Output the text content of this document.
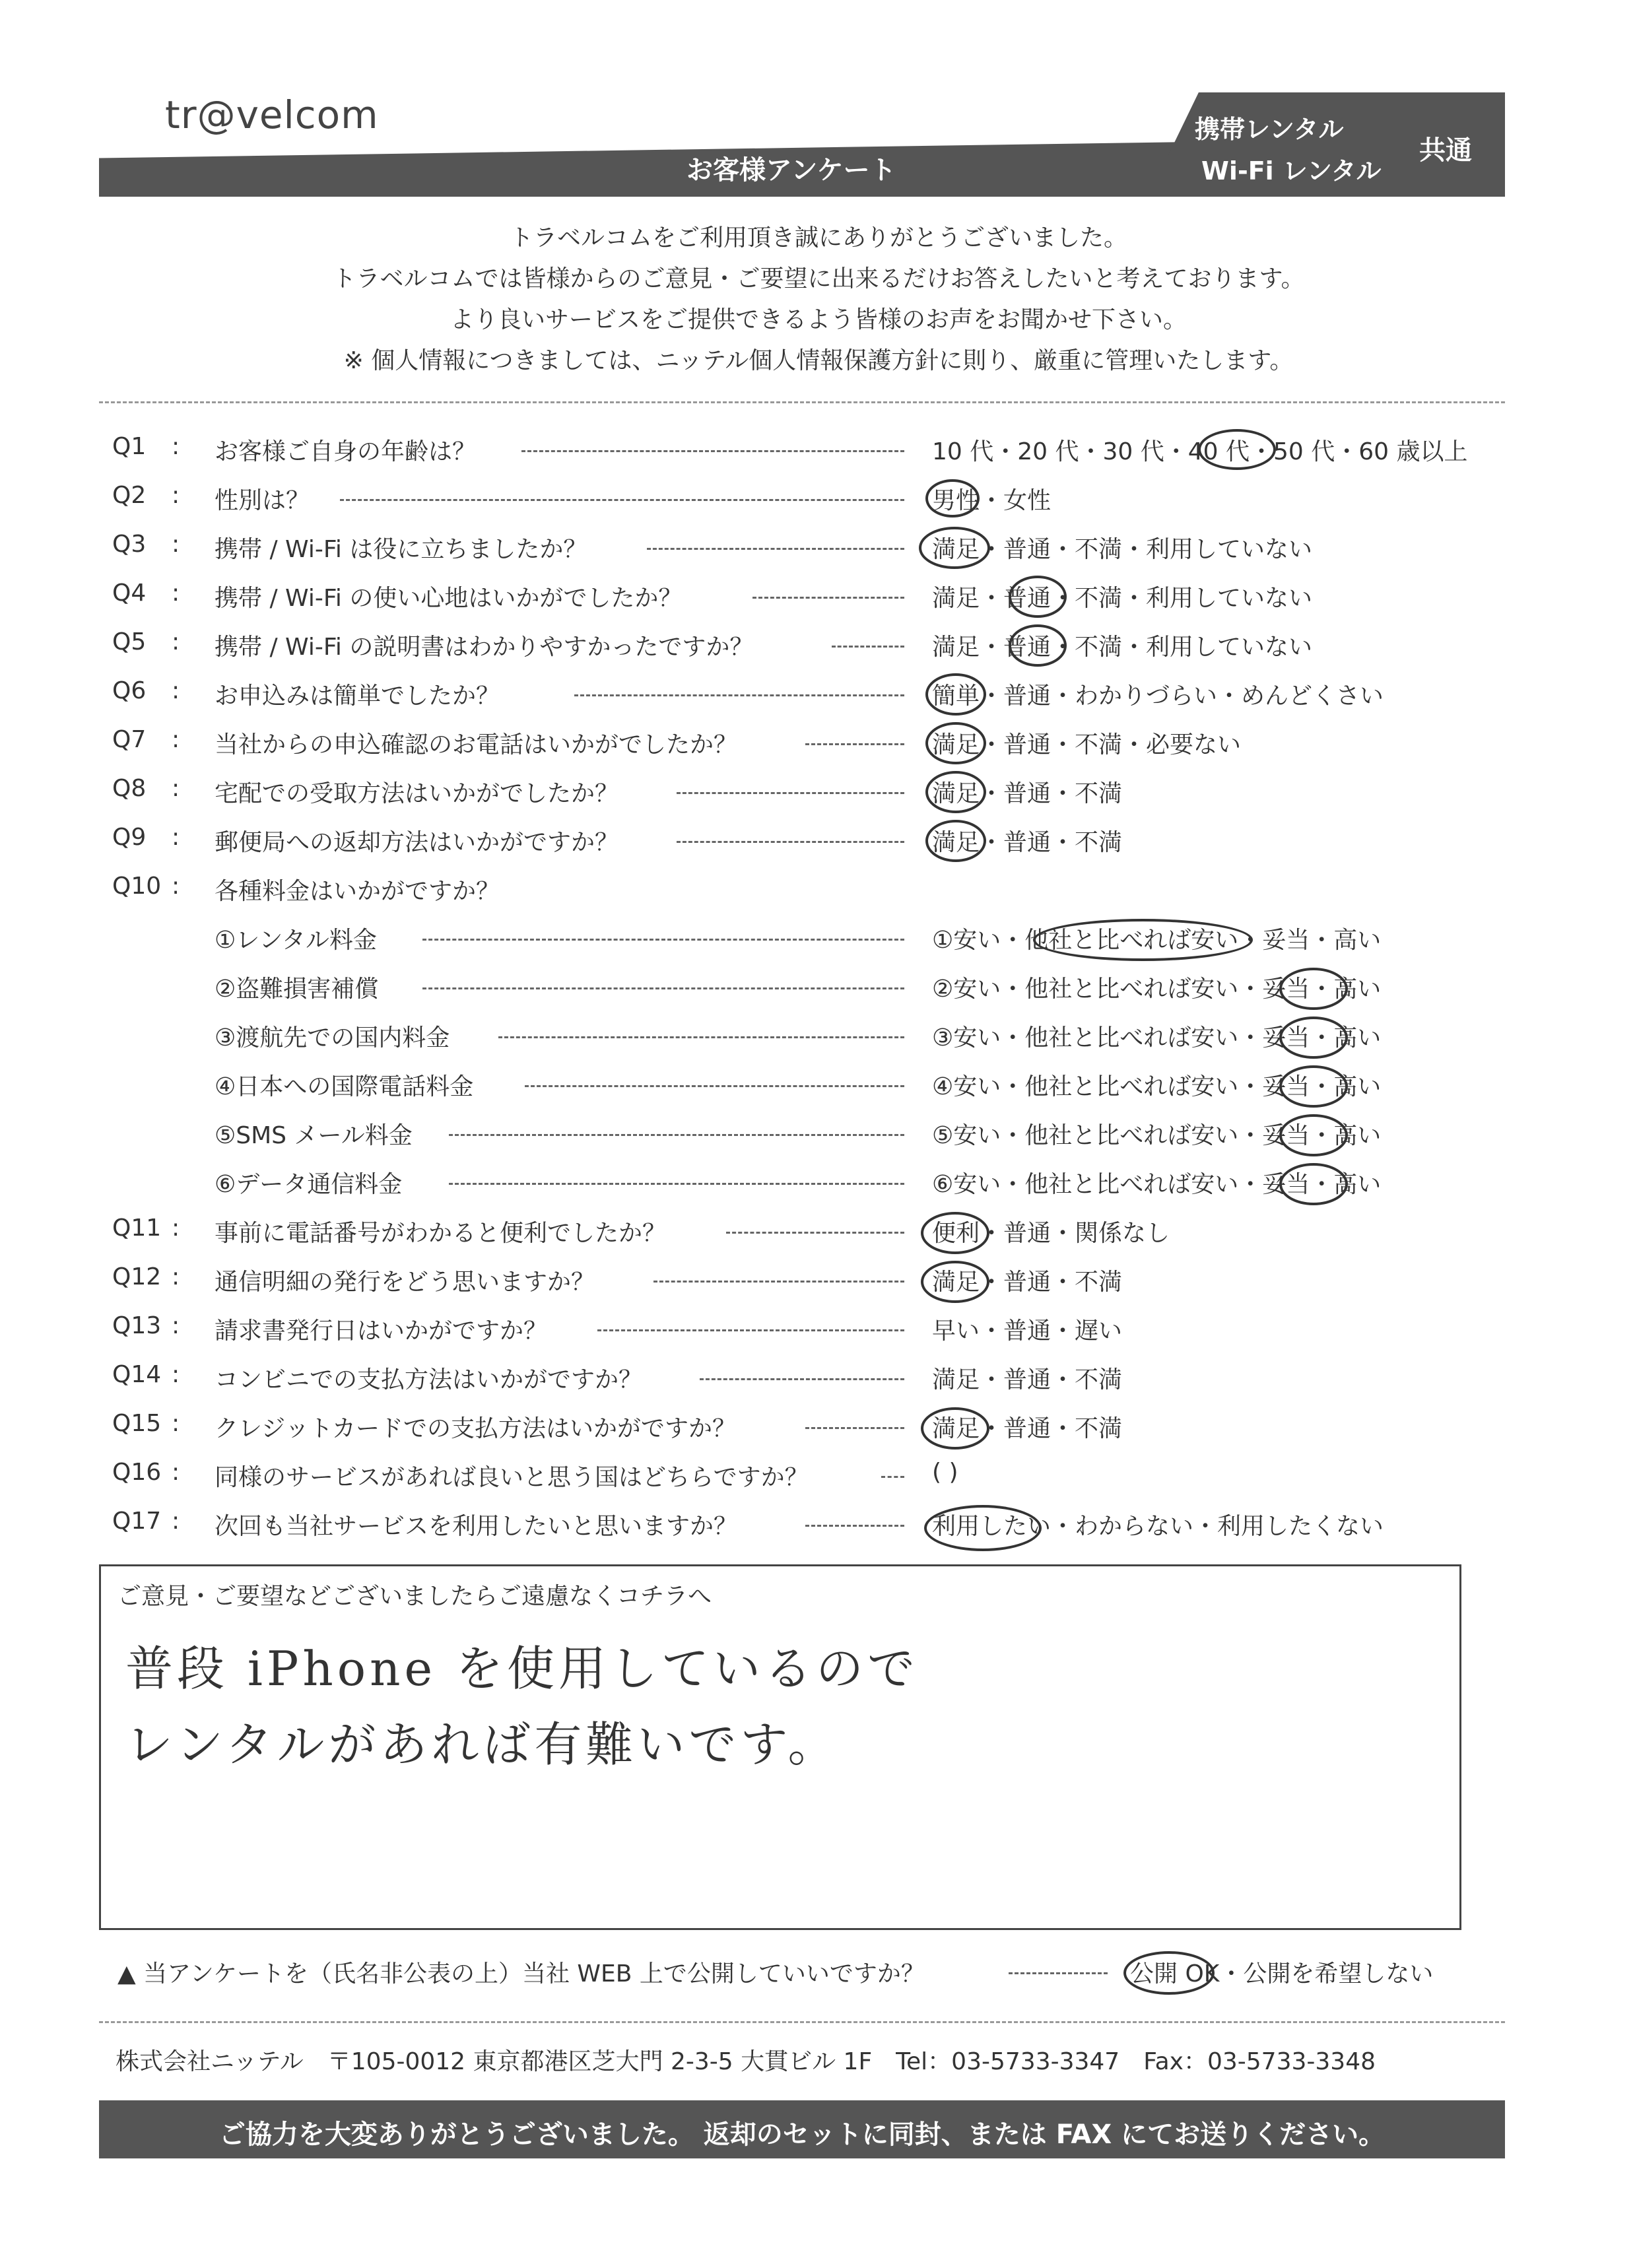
tr@velcom
お客様アンケート
携帯レンタル
Wi-Fi レンタル
共通
トラベルコムをご利用頂き誠にありがとうございました。
トラベルコムでは皆様からのご意見・ご要望に出来るだけお答えしたいと考えております。
より良いサービスをご提供できるよう皆様のお声をお聞かせ下さい。
※ 個人情報につきましては、ニッテル個人情報保護方針に則り、厳重に管理いたします。
Q1 : お客様ご自身の年齢は？	10 代・20 代・30 代・40 代・50 代・60 歳以上
Q2 : 性別は？	男性・女性
Q3 : 携帯 / Wi-Fi は役に立ちましたか？	満足・普通・不満・利用していない
Q4 : 携帯 / Wi-Fi の使い心地はいかがでしたか？	満足・普通・不満・利用していない
Q5 : 携帯 / Wi-Fi の説明書はわかりやすかったですか？	満足・普通・不満・利用していない
Q6 : お申込みは簡単でしたか？	簡単・普通・わかりづらい・めんどくさい
Q7 : 当社からの申込確認のお電話はいかがでしたか？	満足・普通・不満・必要ない
Q8 : 宅配での受取方法はいかがでしたか？	満足・普通・不満
Q9 : 郵便局への返却方法はいかがですか？	満足・普通・不満
Q10 : 各種料金はいかがですか？
①レンタル料金	①安い・他社と比べれば安い・妥当・高い
②盗難損害補償	②安い・他社と比べれば安い・妥当・高い
③渡航先での国内料金	③安い・他社と比べれば安い・妥当・高い
④日本への国際電話料金	④安い・他社と比べれば安い・妥当・高い
⑤SMS メール料金	⑤安い・他社と比べれば安い・妥当・高い
⑥データ通信料金	⑥安い・他社と比べれば安い・妥当・高い
Q11 : 事前に電話番号がわかると便利でしたか？	便利・普通・関係なし
Q12 : 通信明細の発行をどう思いますか？	満足・普通・不満
Q13 : 請求書発行日はいかがですか？	早い・普通・遅い
Q14 : コンビニでの支払方法はいかがですか？	満足・普通・不満
Q15 : クレジットカードでの支払方法はいかがですか？	満足・普通・不満
Q16 : 同様のサービスがあれば良いと思う国はどちらですか？	( )
Q17 : 次回も当社サービスを利用したいと思いますか？	利用したい・わからない・利用したくない
ご意見・ご要望などございましたらご遠慮なくコチラへ
普段 iPhone を使用しているので
レンタルがあれば有難いです。
▲ 当アンケートを（氏名非公表の上）当社 WEB 上で公開していいですか？	公開 OK・公開を希望しない
株式会社ニッテル　〒105-0012 東京都港区芝大門 2-3-5 大貫ビル 1F　Tel：03-5733-3347　Fax：03-5733-3348
ご協力を大変ありがとうございました。 返却のセットに同封、または FAX にてお送りください。
